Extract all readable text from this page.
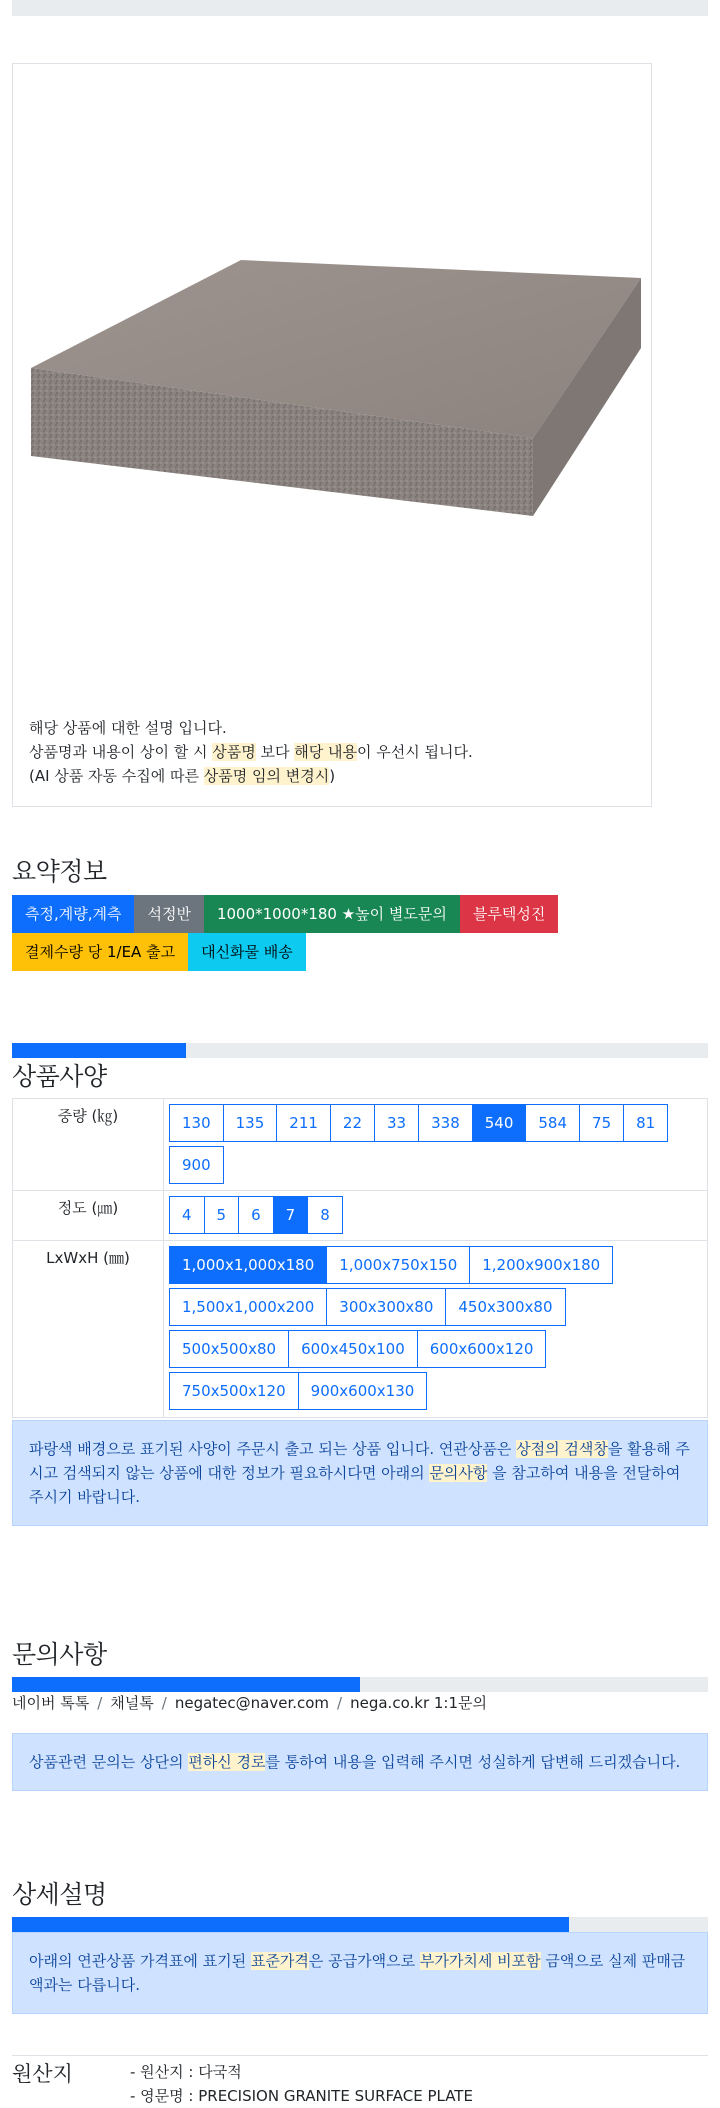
해당 상품에 대한 설명 입니다.
상품명과 내용이 상이 할 시 상품명 보다 해당 내용이 우선시 됩니다.
(AI 상품 자동 수집에 따른 상품명 임의 변경시)
요약정보
측정,계량,계측 석정반 1000*1000*180 ★높이 별도문의 블루텍성진
결제수량 당 1/EA 출고 대신화물 배송
상품사양
중량 (㎏)	130 135 211 22 33 338 540 584 75 81
900
정도 (㎛)	4 5 6 7 8
LxWxH (㎜)	1,000x1,000x180 1,000x750x150 1,200x900x180
1,500x1,000x200 300x300x80 450x300x80
500x500x80 600x450x100 600x600x120
750x500x120 900x600x130
파랑색 배경으로 표기된 사양이 주문시 출고 되는 상품 입니다. 연관상품은 상점의 검색창을 활용해 주시고 검색되지 않는 상품에 대한 정보가 필요하시다면 아래의 문의사항 을 참고하여 내용을 전달하여 주시기 바랍니다.
문의사항
네이버 톡톡 / 채널톡 / negatec@naver.com / nega.co.kr 1:1문의
상품관련 문의는 상단의 편하신 경로를 통하여 내용을 입력해 주시면 성실하게 답변해 드리겠습니다.
상세설명
아래의 연관상품 가격표에 표기된 표준가격은 공급가액으로 부가가치세 비포함 금액으로 실제 판매금액과는 다릅니다.
원산지	- 원산지 : 다국적
- 영문명 : PRECISION GRANITE SURFACE PLATE
